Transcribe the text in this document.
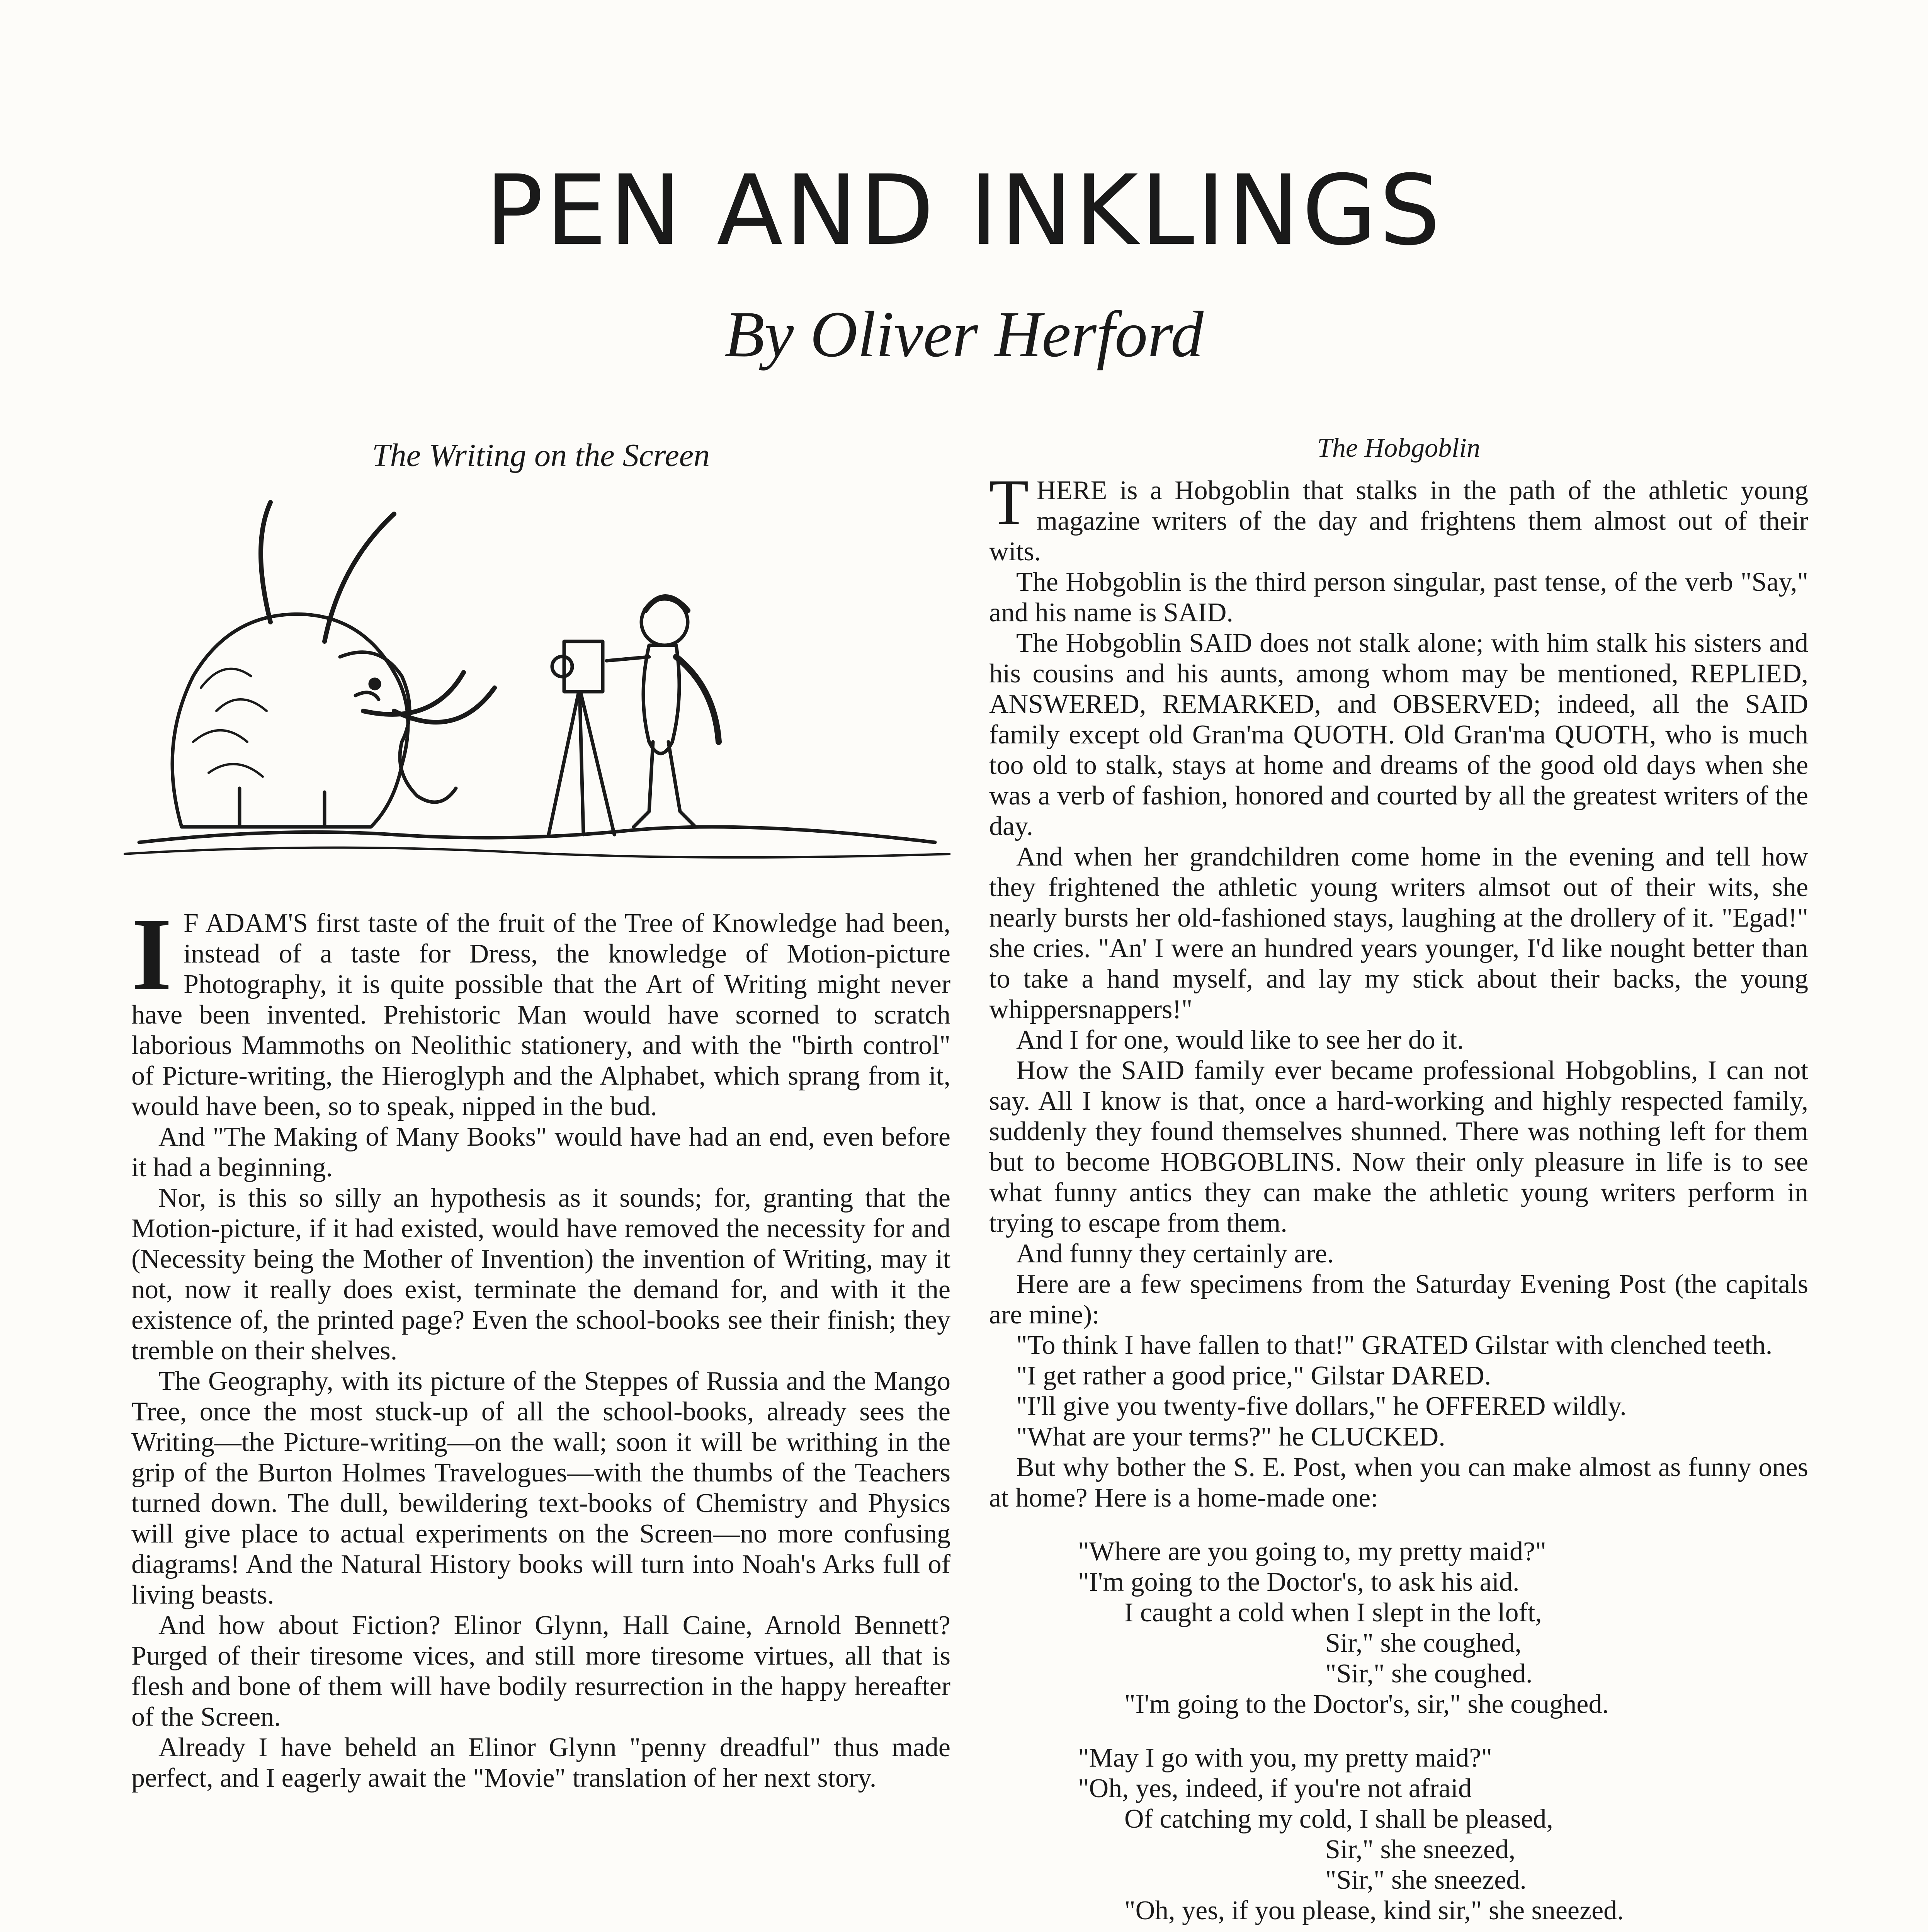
PEN AND INKLINGS
By Oliver Herford
The Writing on the Screen
I F ADAM'S first taste of the fruit of the Tree of Knowledge had been, instead of a taste for Dress, the knowledge of Motion-picture Photography, it is quite possible that the Art of Writing might never have been invented. Prehistoric Man would have scorned to scratch laborious Mammoths on Neolithic stationery, and with the "birth control" of Picture-writing, the Hieroglyph and the Alphabet, which sprang from it, would have been, so to speak, nipped in the bud.

And "The Making of Many Books" would have had an end, even before it had a beginning.

Nor, is this so silly an hypothesis as it sounds; for, granting that the Motion-picture, if it had existed, would have removed the necessity for and (Necessity being the Mother of Invention) the invention of Writing, may it not, now it really does exist, terminate the demand for, and with it the existence of, the printed page? Even the school-books see their finish; they tremble on their shelves.

The Geography, with its picture of the Steppes of Russia and the Mango Tree, once the most stuck-up of all the school-books, already sees the Writing—the Picture-writing—on the wall; soon it will be writhing in the grip of the Burton Holmes Travelogues—with the thumbs of the Teachers turned down. The dull, bewildering text-books of Chemistry and Physics will give place to actual experiments on the Screen—no more confusing diagrams! And the Natural History books will turn into Noah's Arks full of living beasts.

And how about Fiction? Elinor Glynn, Hall Caine, Arnold Bennett? Purged of their tiresome vices, and still more tiresome virtues, all that is flesh and bone of them will have bodily resurrection in the happy hereafter of the Screen.

Already I have beheld an Elinor Glynn "penny dreadful" thus made perfect, and I eagerly await the "Movie" translation of her next story.

The Hobgoblin
T HERE is a Hobgoblin that stalks in the path of the athletic young magazine writers of the day and frightens them almost out of their wits.

The Hobgoblin is the third person singular, past tense, of the verb "Say," and his name is SAID.

The Hobgoblin SAID does not stalk alone; with him stalk his sisters and his cousins and his aunts, among whom may be mentioned, REPLIED, ANSWERED, REMARKED, and OBSERVED; indeed, all the SAID family except old Gran'ma QUOTH. Old Gran'ma QUOTH, who is much too old to stalk, stays at home and dreams of the good old days when she was a verb of fashion, honored and courted by all the greatest writers of the day.

And when her grandchildren come home in the evening and tell how they frightened the athletic young writers almsot out of their wits, she nearly bursts her old-fashioned stays, laughing at the drollery of it. "Egad!" she cries. "An' I were an hundred years younger, I'd like nought better than to take a hand myself, and lay my stick about their backs, the young whippersnappers!"

And I for one, would like to see her do it.

How the SAID family ever became professional Hobgoblins, I can not say. All I know is that, once a hard-working and highly respected family, suddenly they found themselves shunned. There was nothing left for them but to become HOBGOBLINS. Now their only pleasure in life is to see what funny antics they can make the athletic young writers perform in trying to escape from them.

And funny they certainly are.

Here are a few specimens from the Saturday Evening Post (the capitals are mine):

"To think I have fallen to that!" GRATED Gilstar with clenched teeth.

"I get rather a good price," Gilstar DARED.

"I'll give you twenty-five dollars," he OFFERED wildly.

"What are your terms?" he CLUCKED.

But why bother the S. E. Post, when you can make almost as funny ones at home? Here is a home-made one:

"Where are you going to, my pretty maid?"
"I'm going to the Doctor's, to ask his aid.
I caught a cold when I slept in the loft,
Sir," she coughed,
"Sir," she coughed.
"I'm going to the Doctor's, sir," she coughed.
"May I go with you, my pretty maid?"
"Oh, yes, indeed, if you're not afraid
Of catching my cold, I shall be pleased,
Sir," she sneezed,
"Sir," she sneezed.
"Oh, yes, if you please, kind sir," she sneezed.
